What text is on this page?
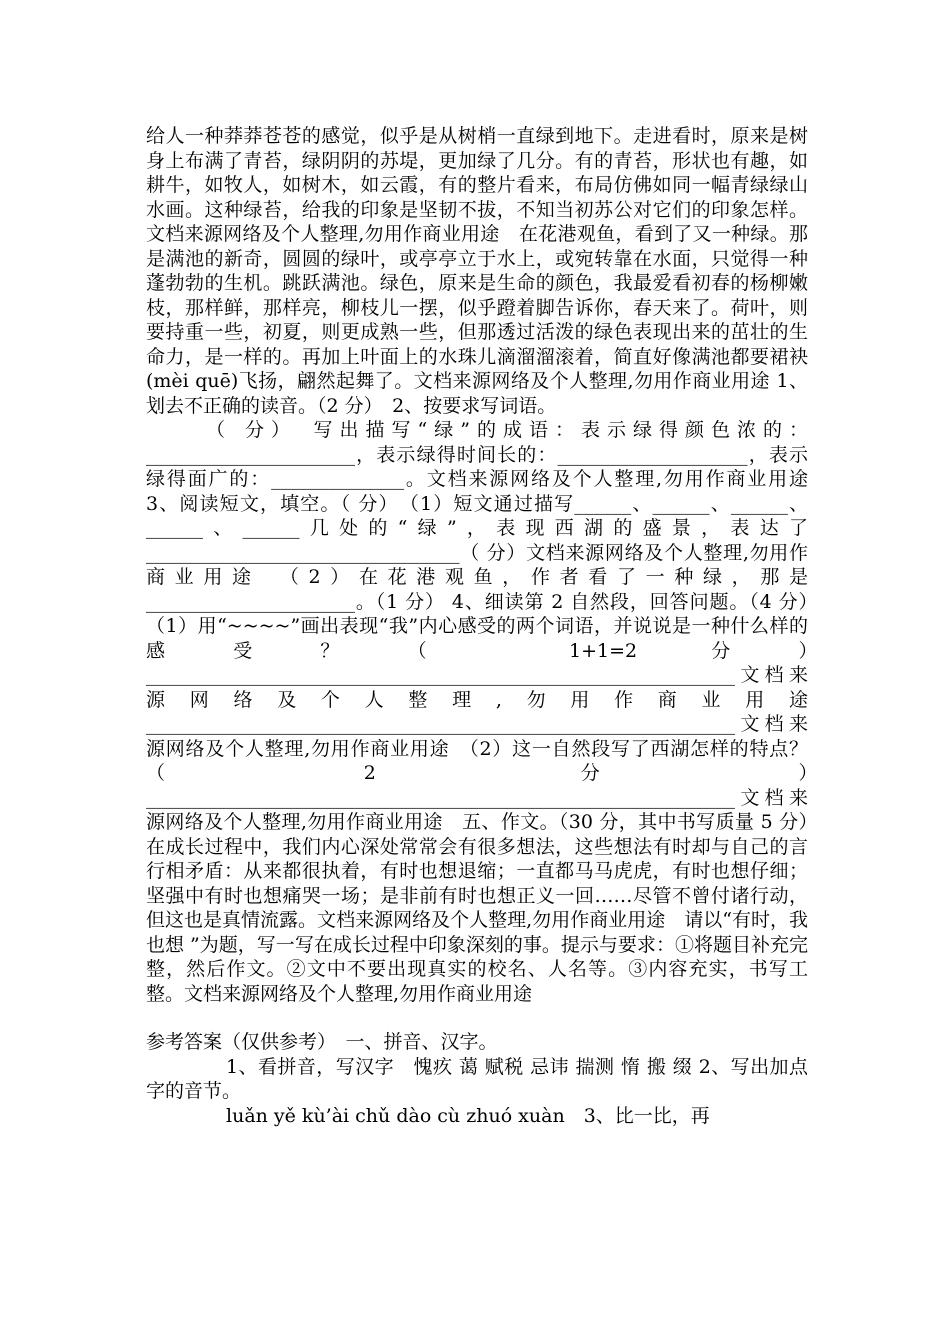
给人一种莽莽苍苍的感觉，似乎是从树梢一直绿到地下。走进看时，原来是树身上布满了青苔，绿阴阴的苏堤，更加绿了几分。有的青苔，形状也有趣，如耕牛，如牧人，如树木，如云霞，有的整片看来，布局仿佛如同一幅青绿绿山水画。这种绿苔，给我的印象是坚韧不拔，不知当初苏公对它们的印象怎样。文档来源网络及个人整理,勿用作商业用途　在花港观鱼，看到了又一种绿。那是满池的新奇，圆圆的绿叶，或亭亭立于水上，或宛转靠在水面，只觉得一种蓬勃勃的生机。跳跃满池。绿色，原来是生命的颜色，我最爱看初春的杨柳嫩枝，那样鲜，那样亮，柳枝儿一摆，似乎蹬着脚告诉你，春天来了。荷叶，则要持重一些，初夏，则更成熟一些，但那透过活泼的绿色表现出来的茁壮的生命力，是一样的。再加上叶面上的水珠儿滴溜溜滚着，简直好像满池都要裙袂(mèi quē)飞扬，翩然起舞了。文档来源网络及个人整理,勿用作商业用途 1、划去不正确的读音。（2 分）　2、按要求写词语。

（ 分）　写出描写“绿”的成语：表示绿得颜色浓的：______________________，表示绿得时间长的：____________________，表示绿得面广的：______________。文档来源网络及个人整理,勿用作商业用途　3、阅读短文，填空。（ 分）　（1）短文通过描写______、______、______、______、______几处的“绿”，表现西湖的盛景，表达了_________________________________（ 分）文档来源网络及个人整理,勿用作商业用途　（2）在花港观鱼，作者看了一种绿，那是______________________。（1 分） 4、细读第 2 自然段，回答问题。（4 分）　（1）用“~~~~”画出表现“我”内心感受的两个词语，并说说是一种什么样的感受？（ 1+1=2 分）　______________________________________________________________文档来源网络及个人整理,勿用作商业用途　______________________________________________________________文档来源网络及个人整理,勿用作商业用途　（2）这一自然段写了西湖怎样的特点？（2 分）　______________________________________________________________文档来源网络及个人整理,勿用作商业用途　五、作文。（30 分，其中书写质量 5 分）　在成长过程中，我们内心深处常常会有很多想法，这些想法有时却与自己的言行相矛盾：从来都很执着，有时也想退缩；一直都马马虎虎，有时也想仔细；坚强中有时也想痛哭一场；是非前有时也想正义一回……尽管不曾付诸行动，但这也是真情流露。文档来源网络及个人整理,勿用作商业用途　请以“有时，我也想 ”为题，写一写在成长过程中印象深刻的事。提示与要求：①将题目补充完整，然后作文。②文中不要出现真实的校名、人名等。③内容充实，书写工整。文档来源网络及个人整理,勿用作商业用途

参考答案（仅供参考）　一、拼音、汉字。

1、看拼音，写汉字　愧疚 蔼 赋税 忌讳 揣测 惰 搬 缀 2、写出加点字的音节。

luǎn yě kù’ài chǔ dào cù zhuó xuàn　3、比一比，再
